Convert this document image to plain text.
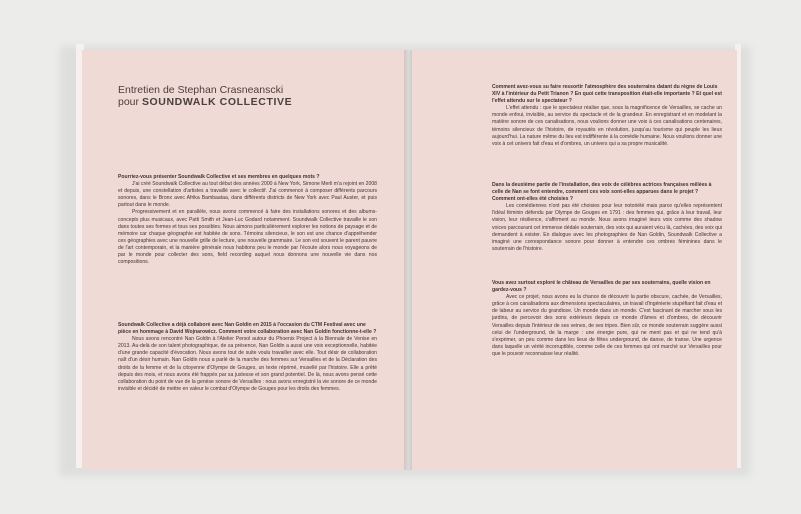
Entretien de Stephan Crasneanscki
pour SOUNDWALK COLLECTIVE

Pourriez-vous présenter Soundwalk Collective et ses membres en quelques mots ?

J'ai créé Soundwalk Collective au tout début des années 2000 à New York, Simone Merli m'a rejoint en 2008 et depuis, une constellation d'artistes a travaillé avec le collectif. J'ai commencé à composer différents parcours sonores, dans le Bronx avec Afrika Bambaataa, dans différents districts de New York avec Paul Auster, et puis partout dans le monde.

Progressivement et en parallèle, nous avons commencé à faire des installations sonores et des albums-concepts plus musicaux, avec Patti Smith et Jean-Luc Godard notamment. Soundwalk Collective travaille le son dans toutes ses formes et tous ses possibles. Nous aimons particulièrement explorer les notions de paysage et de mémoire car chaque géographie est habitée de sons. Témoins silencieux, le son est une chance d'appréhender ces géographies avec une nouvelle grille de lecture, une nouvelle grammaire. Le son est souvent le parent pauvre de l'art contemporain, et la manière générale nous habitons peu le monde par l'écoute alors nous voyageons de par le monde pour collecter des sons, field recording auquel nous donnons une nouvelle vie dans nos compositions.

Soundwalk Collective a déjà collaboré avec Nan Goldin en 2015 à l'occasion du CTM Festival avec une pièce en hommage à David Wojnarowicz. Comment votre collaboration avec Nan Goldin fonctionne-t-elle ?

Nous avons rencontré Nan Goldin à l'Atelier Persol autour du Phoenix Project à la Biennale de Venise en 2013. Au-delà de son talent photographique, de sa présence, Nan Goldin a aussi une voix exceptionnelle, habitée d'une grande capacité d'évocation. Nous avons tout de suite voulu travailler avec elle. Tout désir de collaboration naît d'un désir humain. Nan Goldin nous a parlé de la marche des femmes sur Versailles et de la Déclaration des droits de la femme et de la citoyenne d'Olympe de Gouges, un texte réprimé, musellé par l'histoire. Elle a prêté depuis des mois, et nous avons été frappés par sa justesse et son grand potentiel. De là, nous avons pensé cette collaboration du point de vue de la genèse sonore de Versailles : nous avons enregistré la vie sonore de ce monde invisible et décidé de mettre en valeur le combat d'Olympe de Gouges pour les droits des femmes.

Comment avez-vous su faire ressortir l'atmosphère des souterrains datant du règne de Louis XIV à l'intérieur du Petit Trianon ? En quoi cette transposition était-elle importante ? Et quel est l'effet attendu sur le spectateur ?

L'effet attendu : que le spectateur réalise que, sous la magnificence de Versailles, se cache un monde enfoui, invisible, au service du spectacle et de la grandeur. En enregistrant et en modelant la matière sonore de ces canalisations, nous voulions donner une voix à ces canalisations centenaires, témoins silencieux de l'histoire, de royautés en révolution, jusqu'au tourisme qui peuple les lieux aujourd'hui. La nature même du lieu est indifférente à la comédie humaine. Nous voulions donner une voix à cet univers fait d'eau et d'ombres, un univers qui a sa propre musicalité.

Dans la deuxième partie de l'installation, des voix de célèbres actrices françaises mêlées à celle de Nan se font entendre, comment ces voix sont-elles apparues dans le projet ? Comment ont-elles été choisies ?

Les comédiennes n'ont pas été choisies pour leur notoriété mais parce qu'elles représentent l'idéal féminin défendu par Olympe de Gouges en 1791 : des femmes qui, grâce à leur travail, leur vision, leur résilience, s'affirment au monde. Nous avons imaginé leurs voix comme des shadow voices parcourant cet immense dédale souterrain, des voix qui auraient vécu là, cachées, des voix qui demandent à exister. En dialogue avec les photographies de Nan Goldin, Soundwalk Collective a imaginé une correspondance sonore pour donner à entendre ces ombres féminines dans le souterrain de l'histoire.

Vous avez surtout exploré le château de Versailles de par ses souterrains, quelle vision en gardez-vous ?

Avec ce projet, nous avons eu la chance de découvrir la partie obscure, cachée, de Versailles, grâce à ces canalisations aux dimensions spectaculaires, un travail d'ingénierie stupéfiant fait d'eau et de labeur au service du grandiose. Un monde dans un monde. C'est fascinant de marcher sous les jardins, de percevoir des sons extérieurs depuis ce monde d'âmes et d'ombres, de découvrir Versailles depuis l'intérieur de ses veines, de ses tripes. Bien sûr, ce monde souterrain suggère aussi celui de l'underground, de la marge : une énergie pure, qui ne ment pas et qui ne tend qu'à s'exprimer, un peu comme dans les lieux de fêtes underground, de danse, de transe. Une urgence dans laquelle un vérité incorruptible, comme celle de ces femmes qui ont marché sur Versailles pour que le pouvoir reconnaisse leur réalité.
